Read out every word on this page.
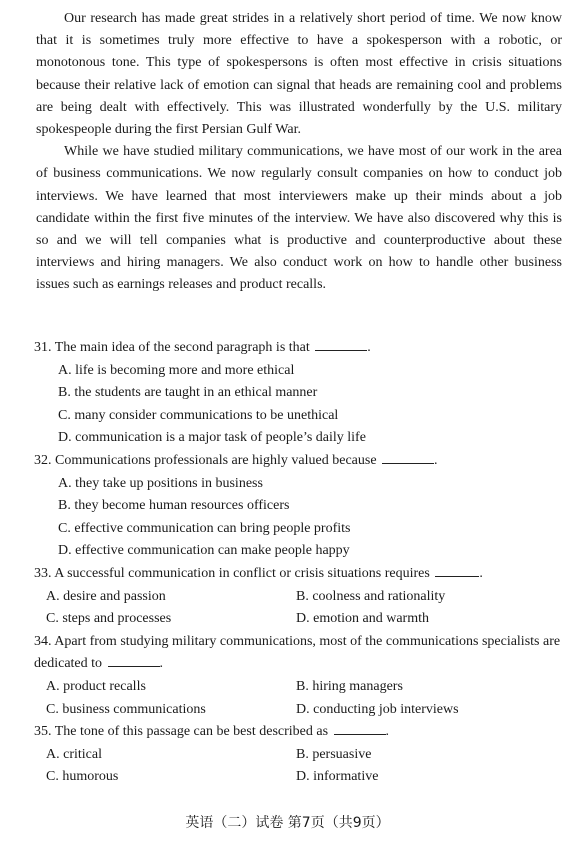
Our research has made great strides in a relatively short period of time. We now know that it is sometimes truly more effective to have a spokesperson with a robotic, or monotonous tone. This type of spokespersons is often most effective in crisis situations because their relative lack of emotion can signal that heads are remaining cool and problems are being dealt with effectively. This was illustrated wonderfully by the U.S. military spokespeople during the first Persian Gulf War.

While we have studied military communications, we have most of our work in the area of business communications. We now regularly consult companies on how to conduct job interviews. We have learned that most interviewers make up their minds about a job candidate within the first five minutes of the interview. We have also discovered why this is so and we will tell companies what is productive and counterproductive about these interviews and hiring managers. We also conduct work on how to handle other business issues such as earnings releases and product recalls.

31. The main idea of the second paragraph is that	.
A. life is becoming more and more ethical
B. the students are taught in an ethical manner
C. many consider communications to be unethical
D. communication is a major task of people’s daily life
32. Communications professionals are highly valued because	.
A. they take up positions in business
B. they become human resources officers
C. effective communication can bring people profits
D. effective communication can make people happy
33. A successful communication in conflict or crisis situations requires	.
A. desire and passion	B. coolness and rationality
C. steps and processes	D. emotion and warmth
34. Apart from studying military communications, most of the communications specialists are dedicated to	.
A. product recalls	B. hiring managers
C. business communications	D. conducting job interviews
35. The tone of this passage can be best described as	.
A. critical	B. persuasive
C. humorous	D. informative
英语（二）试卷 第7页（共9页）
